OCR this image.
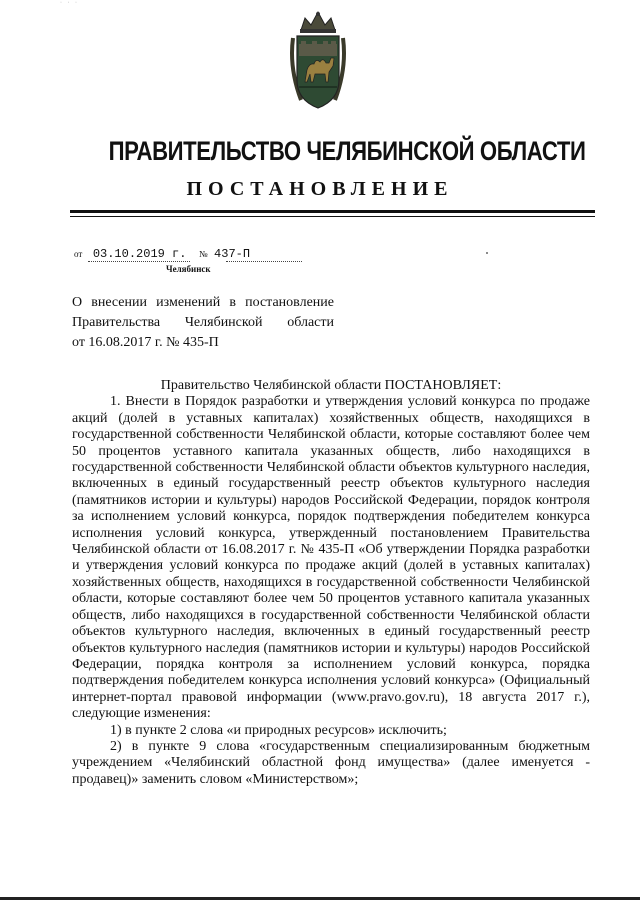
· · ·
ПРАВИТЕЛЬСТВО ЧЕЛЯБИНСКОЙ ОБЛАСТИ
ПОСТАНОВЛЕНИЕ
от 03.10.2019 г. № 437-П
Челябинск
О внесении изменений в постановление
Правительства Челябинской области
от 16.08.2017 г. № 435-П
Правительство Челябинской области ПОСТАНОВЛЯЕТ:

1. Внести в Порядок разработки и утверждения условий конкурса по продаже акций (долей в уставных капиталах) хозяйственных обществ, находящихся в государственной собственности Челябинской области, которые составляют более чем 50 процентов уставного капитала указанных обществ, либо находящихся в государственной собственности Челябинской области объектов культурного наследия, включенных в единый государственный реестр объектов культурного наследия (памятников истории и культуры) народов Российской Федерации, порядок контроля за исполнением условий конкурса, порядок подтверждения победителем конкурса исполнения условий конкурса, утвержденный постановлением Правительства Челябинской области от 16.08.2017 г. № 435-П «Об утверждении Порядка разработки и утверждения условий конкурса по продаже акций (долей в уставных капиталах) хозяйственных обществ, находящихся в государственной собственности Челябинской области, которые составляют более чем 50 процентов уставного капитала указанных обществ, либо находящихся в государственной собственности Челябинской области объектов культурного наследия, включенных в единый государственный реестр объектов культурного наследия (памятников истории и культуры) народов Российской Федерации, порядка контроля за исполнением условий конкурса, порядка подтверждения победителем конкурса исполнения условий конкурса» (Официальный интернет-портал правовой информации (www.pravo.gov.ru), 18 августа 2017 г.), следующие изменения:

1) в пункте 2 слова «и природных ресурсов» исключить;

2) в пункте 9 слова «государственным специализированным бюджетным учреждением «Челябинский областной фонд имущества» (далее именуется - продавец)» заменить словом «Министерством»;
